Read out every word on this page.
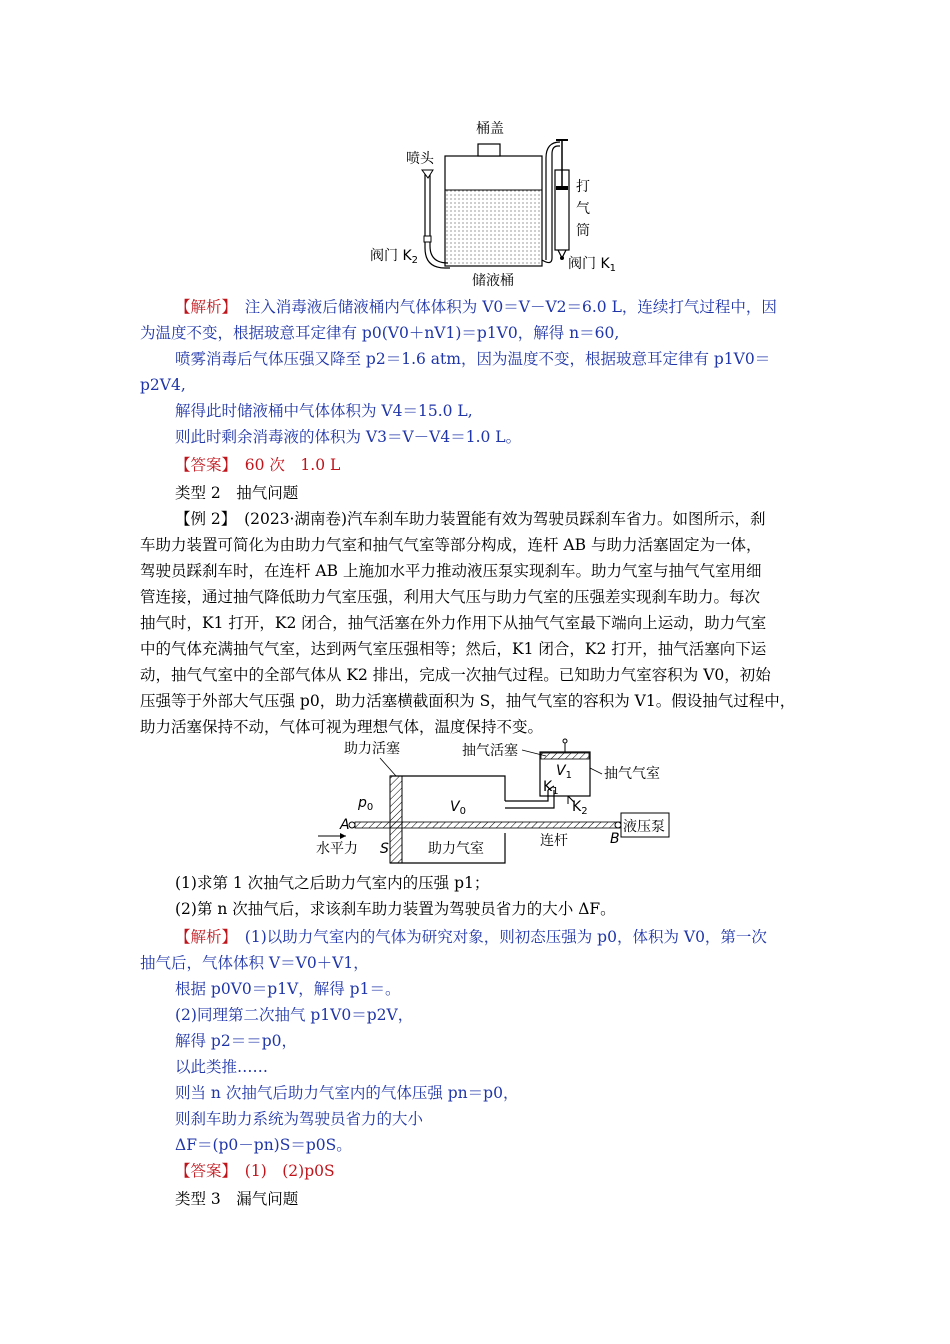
桶盖
喷头
打
气
筒
阀门 $K_2$	阀门 $K_1$
储液桶
【解析】　 注入消毒液后储液桶内气体体积为 V0＝V－V2＝6.0 L，连续打气过程中，因
为温度不变，根据玻意耳定律有 p0(V0＋nV1)＝p1V0，解得 n＝60,
喷雾消毒后气体压强又降至 p2＝1.6 atm，因为温度不变，根据玻意耳定律有 p1V0＝
p2V4,
解得此时储液桶中气体体积为 V4＝15.0 L,
则此时剩余消毒液的体积为 V3＝V－V4＝1.0 L。
【答案】　 60 次　1.0 L
类型 2　抽气问题
【例 2】　 (2023·湖南卷)汽车刹车助力装置能有效为驾驶员踩刹车省力。如图所示，刹
车助力装置可简化为由助力气室和抽气气室等部分构成，连杆 AB 与助力活塞固定为一体，
驾驶员踩刹车时，在连杆 AB 上施加水平力推动液压泵实现刹车。助力气室与抽气气室用细
管连接，通过抽气降低助力气室压强，利用大气压与助力气室的压强差实现刹车助力。每次
抽气时，K1 打开，K2 闭合，抽气活塞在外力作用下从抽气气室最下端向上运动，助力气室
中的气体充满抽气气室，达到两气室压强相等；然后，K1 闭合，K2 打开，抽气活塞向下运
动，抽气气室中的全部气体从 K2 排出，完成一次抽气过程。已知助力气室容积为 V0，初始
压强等于外部大气压强 p0，助力活塞横截面积为 S，抽气气室的容积为 V1。假设抽气过程中，
助力活塞保持不动，气体可视为理想气体，温度保持不变。
助力活塞	抽气活塞
$V_1$ 抽气气室
$K_1$
$K_2$
$p_0$	$V_0$
A	液压泵
连杆	B
水平力 S	助力气室
(1)求第 1 次抽气之后助力气室内的压强 p1；
(2)第 n 次抽气后，求该刹车助力装置为驾驶员省力的大小 ΔF。
【解析】　 (1)以助力气室内的气体为研究对象，则初态压强为 p0，体积为 V0，第一次
抽气后，气体体积 V＝V0＋V1，
根据 p0V0＝p1V，解得 p1＝。
(2)同理第二次抽气 p1V0＝p2V，
解得 p2＝＝p0，
以此类推……
则当 n 次抽气后助力气室内的气体压强 pn＝p0，
则刹车助力系统为驾驶员省力的大小
ΔF＝(p0－pn)S＝p0S。
【答案】　 (1)　(2)p0S
类型 3　漏气问题
